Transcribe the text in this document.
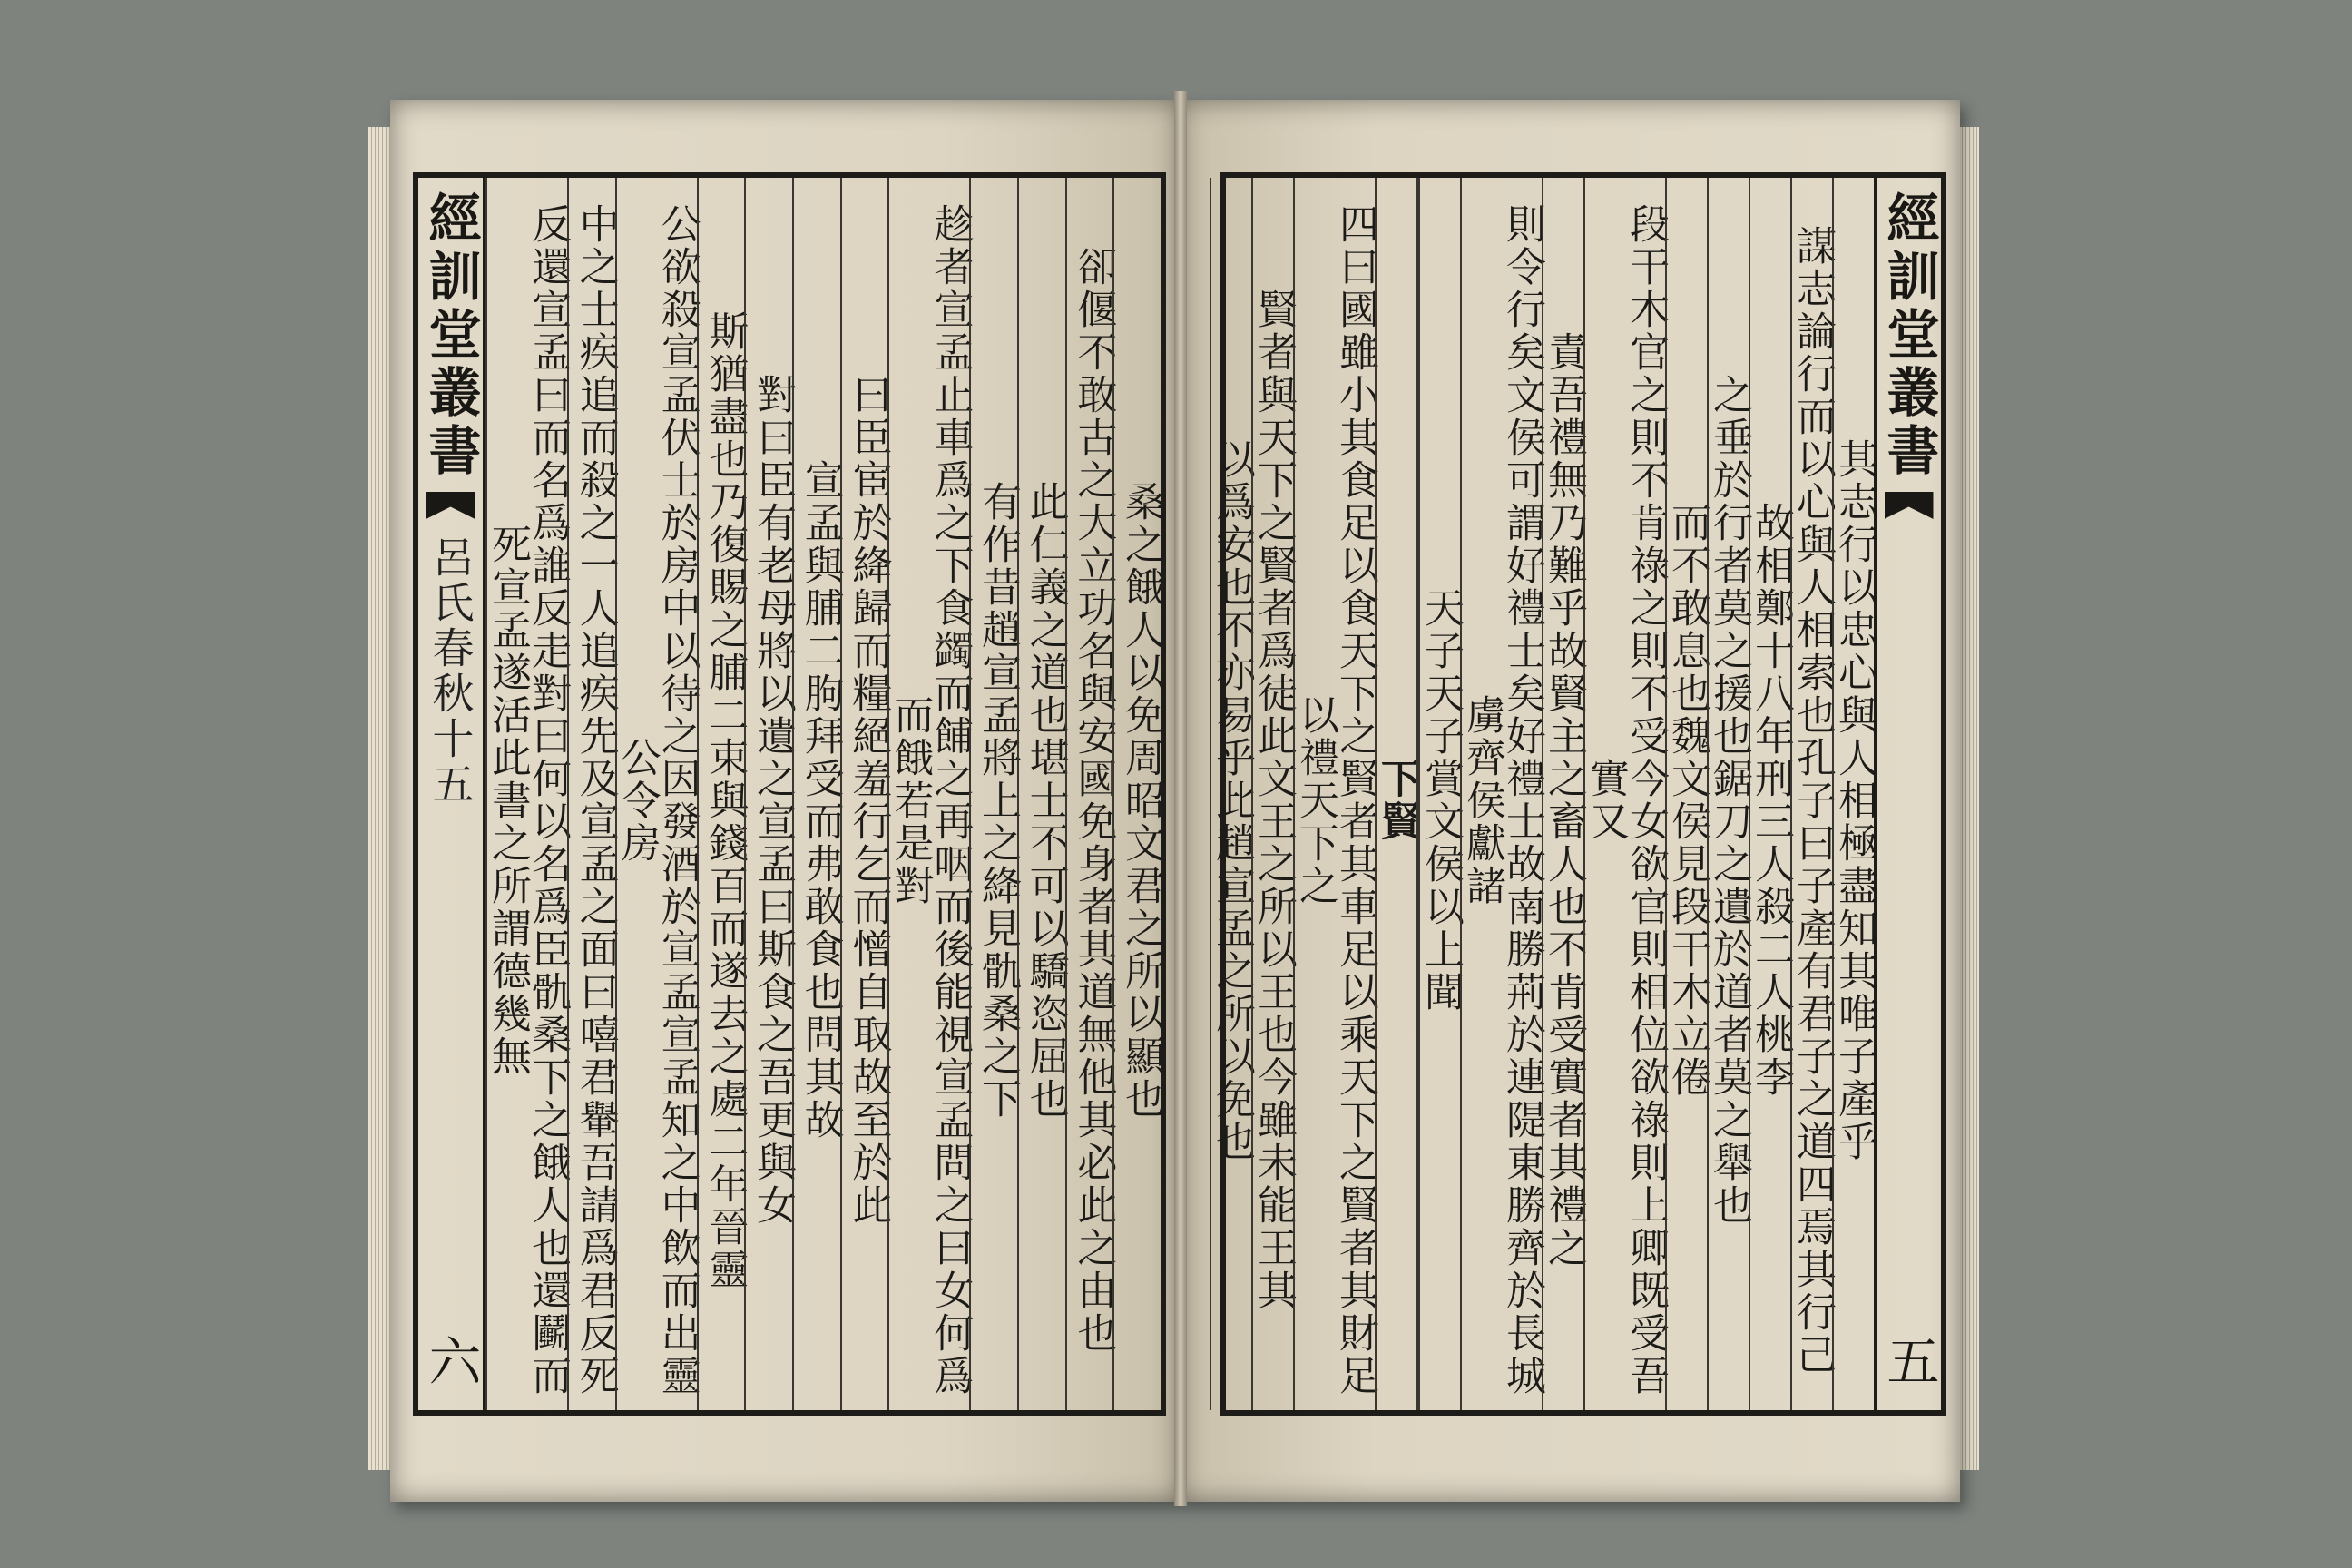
經訓堂叢書
呂氏春秋十五
六
桑之餓人以免周昭文君之所以顯也
卻偃不敢古之大立功名與安國免身者其道無他其必此之由也
此仁義之道也堪士不可以驕恣屈也
有作昔趙宣孟將上之絳見骩桑之下
趁者宣孟止車爲之下食蠲而餔之再咽而後能視宣孟問之曰女何爲而餓若是對
曰臣宦於絳歸而糧絕羞行乞而憎自取故至於此
宣孟與脯二朐拜受而弗敢食也問其故
對曰臣有老母將以遺之宣孟曰斯食之吾更與女
斯猶盡也乃復賜之脯二束與錢百而遂去之處二年晉靈
公欲殺宣孟伏士於房中以待之因發酒於宣孟宣孟知之中飲而出靈公令房
中之士疾追而殺之一人追疾先及宣孟之面曰嘻君轝吾請爲君反死
反還宣孟曰而名爲誰反走對曰何以名爲臣骩桑下之餓人也還鬬而死宣孟遂活此書之所謂德幾無
經訓堂叢書
五
其志行以忠心與人相極盡知其唯子產乎
謀志論行而以心與人相索也孔子曰子產有君子之道四焉其行己
故相鄭十八年刑三人殺二人桃李
之垂於行者莫之援也鋸刀之遺於道者莫之舉也
而不敢息也魏文侯見段干木立倦
段干木官之則不肯祿之則不受今女欲官則相位欲祿則上卿既受吾實又
責吾禮無乃難乎故賢主之畜人也不肯受實者其禮之
則令行矣文侯可謂好禮士矣好禮士故南勝荊於連隄東勝齊於長城虜齊侯獻諸
天子天子賞文侯以上聞
下賢
四曰國雖小其食足以食天下之賢者其車足以乘天下之賢者其財足以禮天下之
賢者與天下之賢者爲徒此文王之所以王也今雖未能王其
以爲安也不亦易乎此趙宣孟之所以免也
